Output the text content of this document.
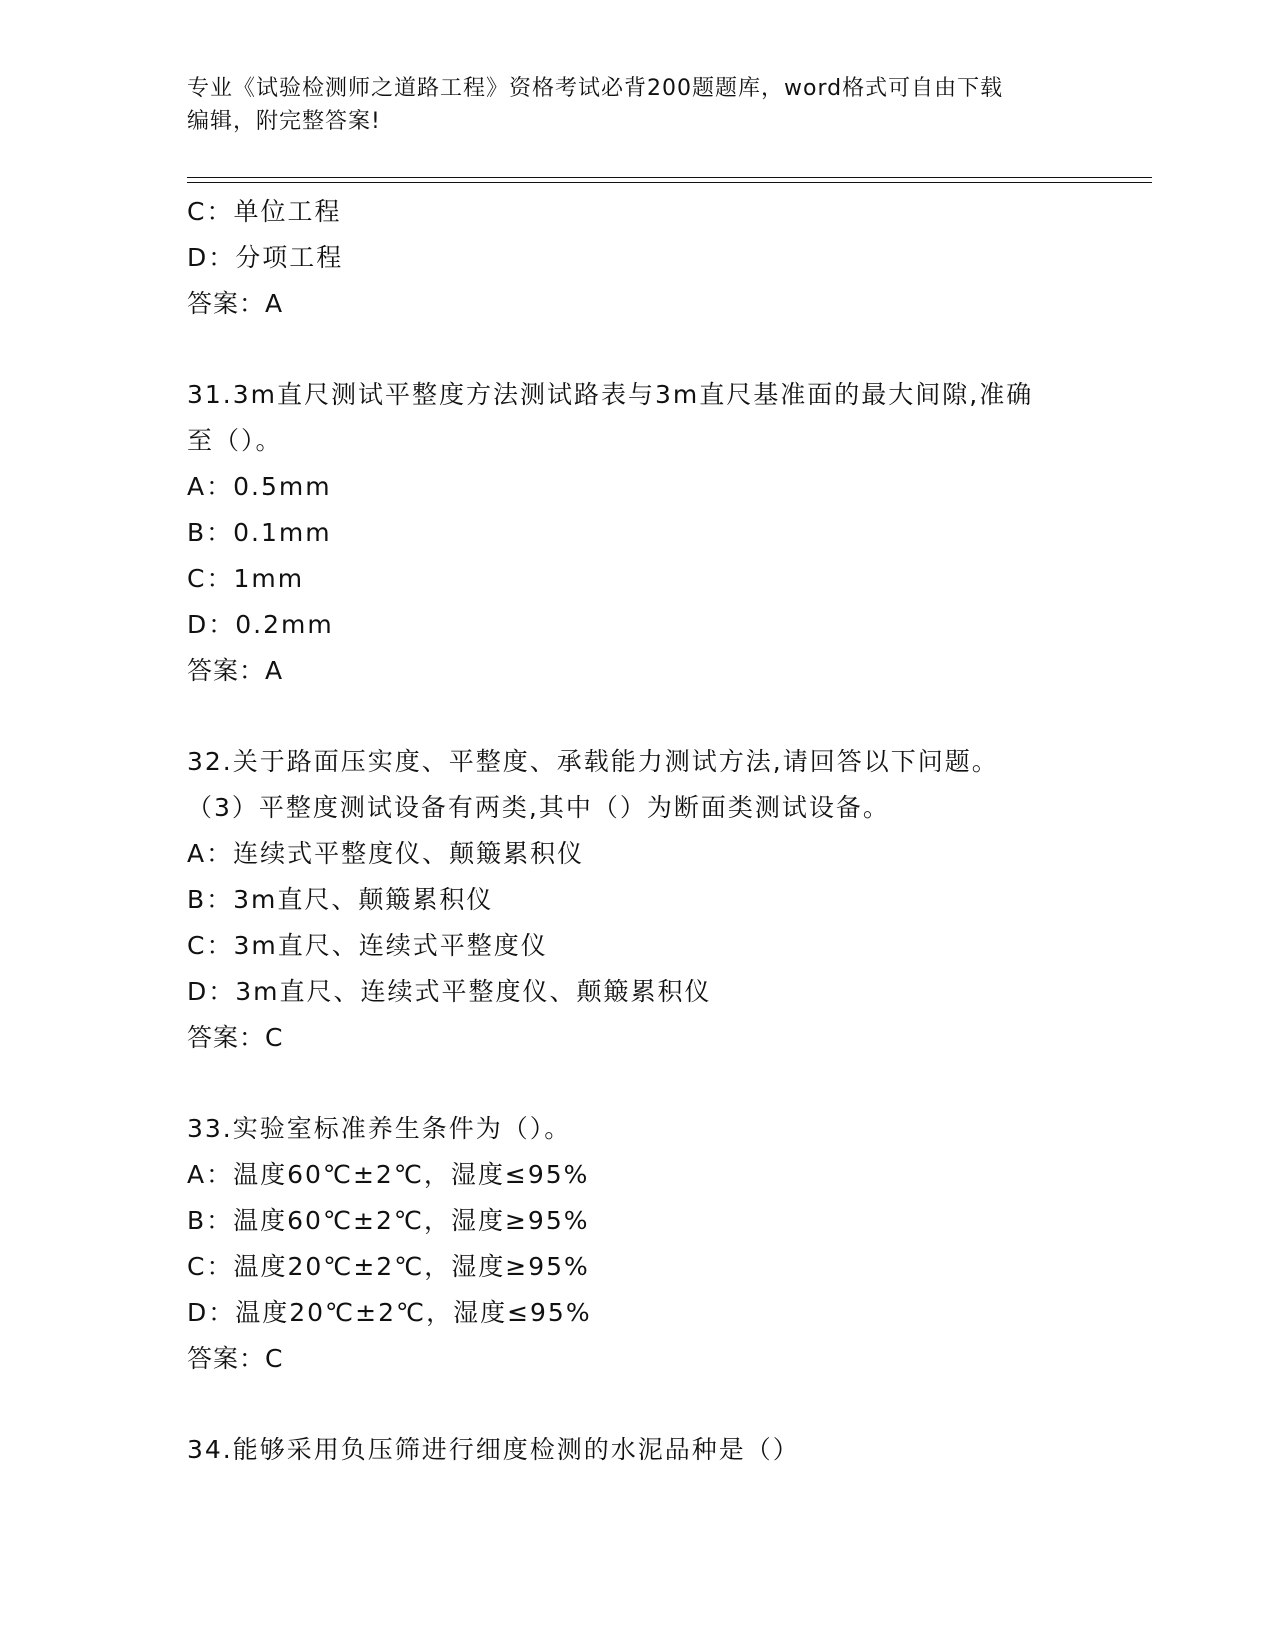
专业《试验检测师之道路工程》资格考试必背200题题库，word格式可自由下载
编辑，附完整答案!
C：单位工程
D：分项工程
答案：A
31.3m直尺测试平整度方法测试路表与3m直尺基准面的最大间隙,准确
至（）。
A：0.5mm
B：0.1mm
C：1mm
D：0.2mm
答案：A
32.关于路面压实度、平整度、承载能力测试方法,请回答以下问题。
（3）平整度测试设备有两类,其中（）为断面类测试设备。
A：连续式平整度仪、颠簸累积仪
B：3m直尺、颠簸累积仪
C：3m直尺、连续式平整度仪
D：3m直尺、连续式平整度仪、颠簸累积仪
答案：C
33.实验室标准养生条件为（）。
A：温度60℃±2℃，湿度≤95%
B：温度60℃±2℃，湿度≥95%
C：温度20℃±2℃，湿度≥95%
D：温度20℃±2℃，湿度≤95%
答案：C
34.能够采用负压筛进行细度检测的水泥品种是（）
